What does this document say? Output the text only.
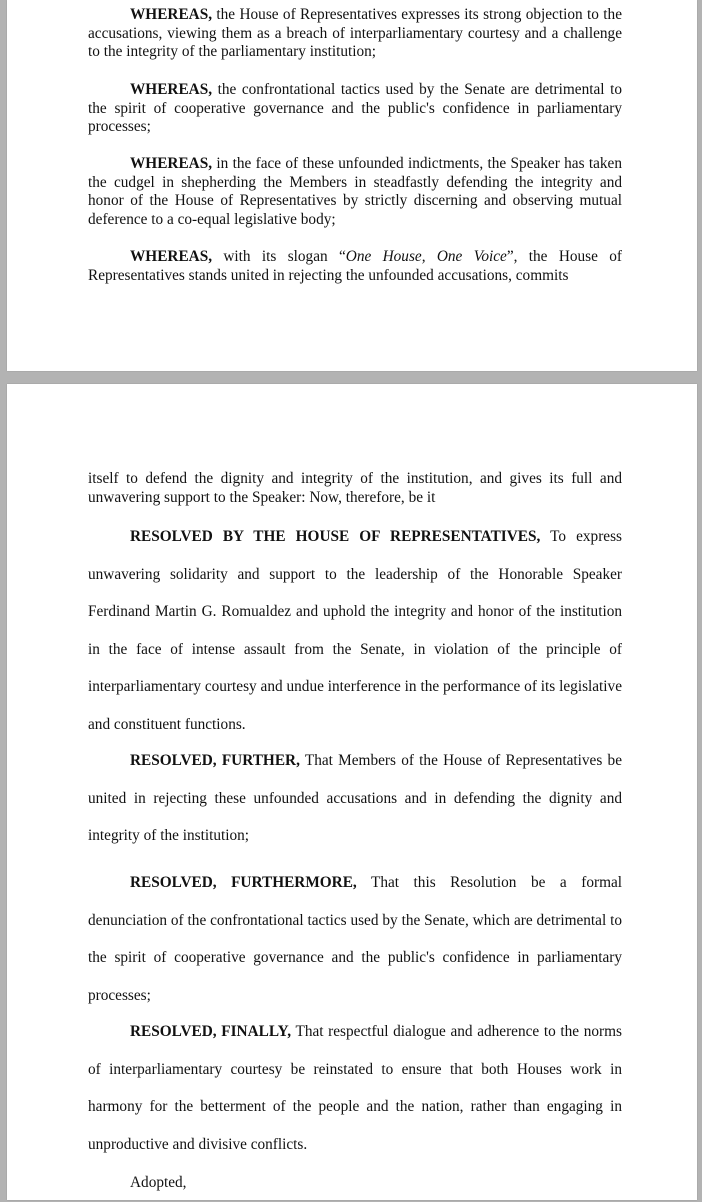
WHEREAS, the House of Representatives expresses its strong objection to the accusations, viewing them as a breach of interparliamentary courtesy and a challenge to the integrity of the parliamentary institution;

WHEREAS, the confrontational tactics used by the Senate are detrimental to the spirit of cooperative governance and the public's confidence in parliamentary processes;

WHEREAS, in the face of these unfounded indictments, the Speaker has taken the cudgel in shepherding the Members in steadfastly defending the integrity and honor of the House of Representatives by strictly discerning and observing mutual deference to a co-equal legislative body;

WHEREAS, with its slogan “One House, One Voice”, the House of Representatives stands united in rejecting the unfounded accusations, commits

itself to defend the dignity and integrity of the institution, and gives its full and unwavering support to the Speaker: Now, therefore, be it

RESOLVED BY THE HOUSE OF REPRESENTATIVES, To express unwavering solidarity and support to the leadership of the Honorable Speaker Ferdinand Martin G. Romualdez and uphold the integrity and honor of the institution in the face of intense assault from the Senate, in violation of the principle of interparliamentary courtesy and undue interference in the performance of its legislative and constituent functions.

RESOLVED, FURTHER, That Members of the House of Representatives be united in rejecting these unfounded accusations and in defending the dignity and integrity of the institution;

RESOLVED, FURTHERMORE, That this Resolution be a formal denunciation of the confrontational tactics used by the Senate, which are detrimental to the spirit of cooperative governance and the public's confidence in parliamentary processes;

RESOLVED, FINALLY, That respectful dialogue and adherence to the norms of interparliamentary courtesy be reinstated to ensure that both Houses work in harmony for the betterment of the people and the nation, rather than engaging in unproductive and divisive conflicts.

Adopted,
